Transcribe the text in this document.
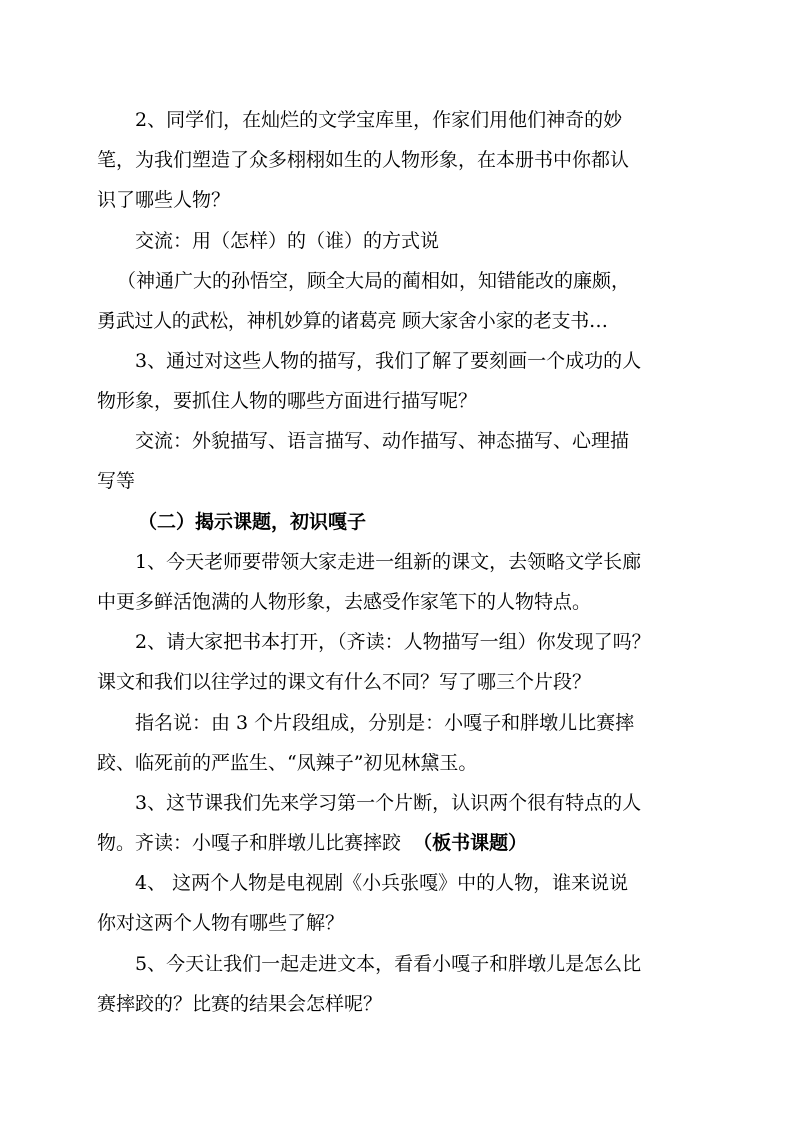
2、同学们，在灿烂的文学宝库里，作家们用他们神奇的妙
笔，为我们塑造了众多栩栩如生的人物形象，在本册书中你都认
识了哪些人物？
交流：用（怎样）的（谁）的方式说
（神通广大的孙悟空，顾全大局的蔺相如，知错能改的廉颇，
勇武过人的武松，神机妙算的诸葛亮 顾大家舍小家的老支书…
3、通过对这些人物的描写，我们了解了要刻画一个成功的人
物形象，要抓住人物的哪些方面进行描写呢？
交流：外貌描写、语言描写、动作描写、神态描写、心理描
写等
（二）揭示课题，初识嘎子
1、今天老师要带领大家走进一组新的课文，去领略文学长廊
中更多鲜活饱满的人物形象，去感受作家笔下的人物特点。
2、请大家把书本打开，（齐读：人物描写一组）你发现了吗？
课文和我们以往学过的课文有什么不同？写了哪三个片段？
指名说：由 3 个片段组成，分别是：小嘎子和胖墩儿比赛摔
跤、临死前的严监生、“凤辣子”初见林黛玉。
3、这节课我们先来学习第一个片断，认识两个很有特点的人
物。齐读：小嘎子和胖墩儿比赛摔跤 （板书课题）
4、 这两个人物是电视剧《小兵张嘎》中的人物，谁来说说
你对这两个人物有哪些了解？
5、今天让我们一起走进文本，看看小嘎子和胖墩儿是怎么比
赛摔跤的？比赛的结果会怎样呢？
